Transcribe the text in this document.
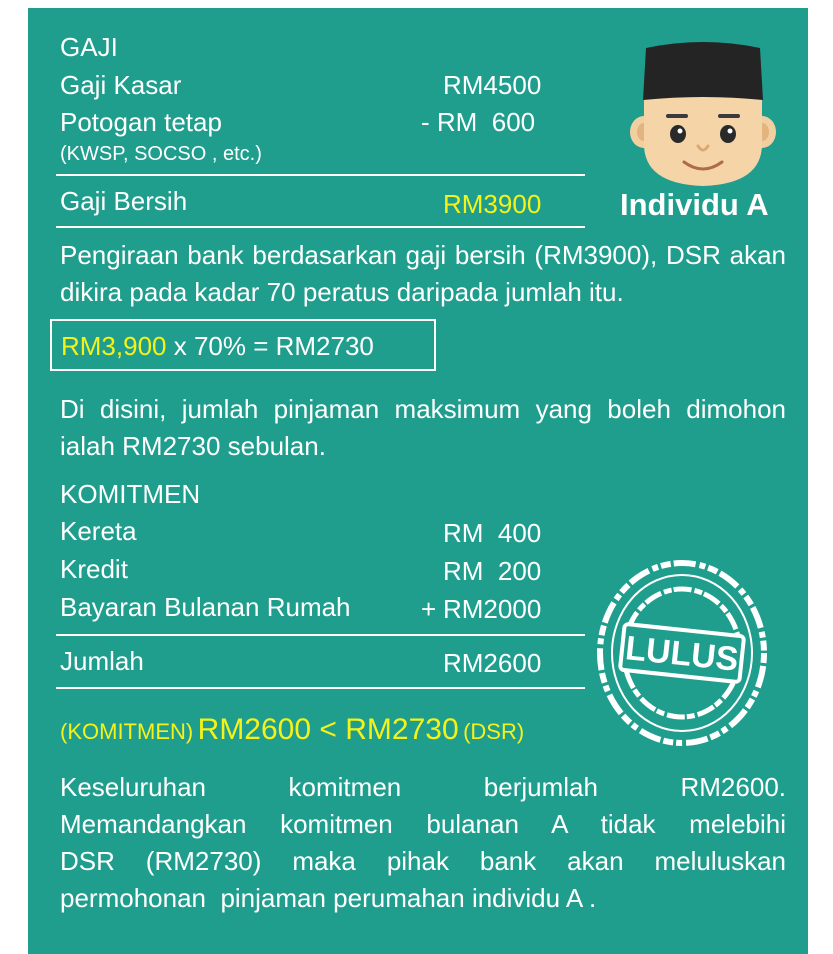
GAJI
Gaji Kasar	RM4500
Potogan tetap	- RM  600
(KWSP, SOCSO , etc.)
Gaji Bersih	RM3900	Individu A
Pengiraan bank berdasarkan gaji bersih (RM3900), DSR akan dikira pada kadar 70 peratus daripada jumlah itu.
RM3,900 x 70% = RM2730
Di disini, jumlah pinjaman maksimum yang boleh dimohon ialah RM2730 sebulan.
KOMITMEN
Kereta	RM  400
Kredit	RM  200
Bayaran Bulanan Rumah	+ RM2000
Jumlah	RM2600 LULUS
(KOMITMEN) RM2600 < RM2730 (DSR)
Keseluruhan komitmen berjumlah RM2600.
Memandangkan komitmen bulanan A tidak melebihi
DSR (RM2730) maka pihak bank akan meluluskan
permohonan  pinjaman perumahan individu A .
